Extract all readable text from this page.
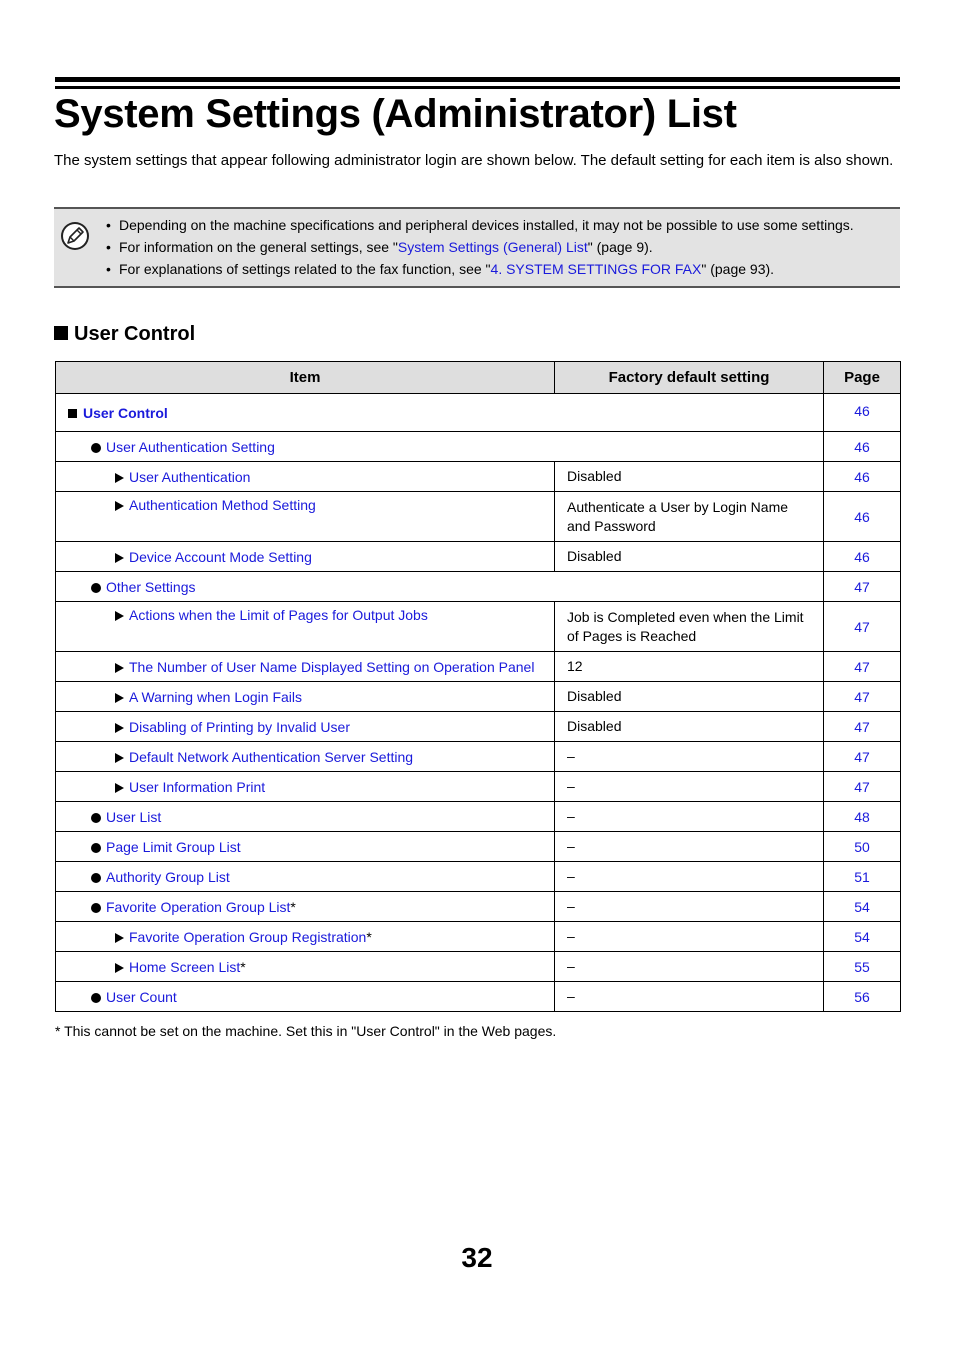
System Settings (Administrator) List

The system settings that appear following administrator login are shown below. The default setting for each item is also shown.

• Depending on the machine specifications and peripheral devices installed, it may not be possible to use some settings.
• For information on the general settings, see "System Settings (General) List" (page 9).
• For explanations of settings related to the fax function, see "4. SYSTEM SETTINGS FOR FAX" (page 93).
User Control
Item	Factory default setting	Page
User Control		46
User Authentication Setting		46
User Authentication	Disabled	46
Authentication Method Setting	Authenticate a User by Login Name and Password	46
Device Account Mode Setting	Disabled	46
Other Settings		47
Actions when the Limit of Pages for Output Jobs	Job is Completed even when the Limit of Pages is Reached	47
The Number of User Name Displayed Setting on Operation Panel	12	47
A Warning when Login Fails	Disabled	47
Disabling of Printing by Invalid User	Disabled	47
Default Network Authentication Server Setting	–	47
User Information Print	–	47
User List	–	48
Page Limit Group List	–	50
Authority Group List	–	51
Favorite Operation Group List*	–	54
Favorite Operation Group Registration*	–	54
Home Screen List*	–	55
User Count	–	56

* This cannot be set on the machine. Set this in "User Control" in the Web pages.

32
